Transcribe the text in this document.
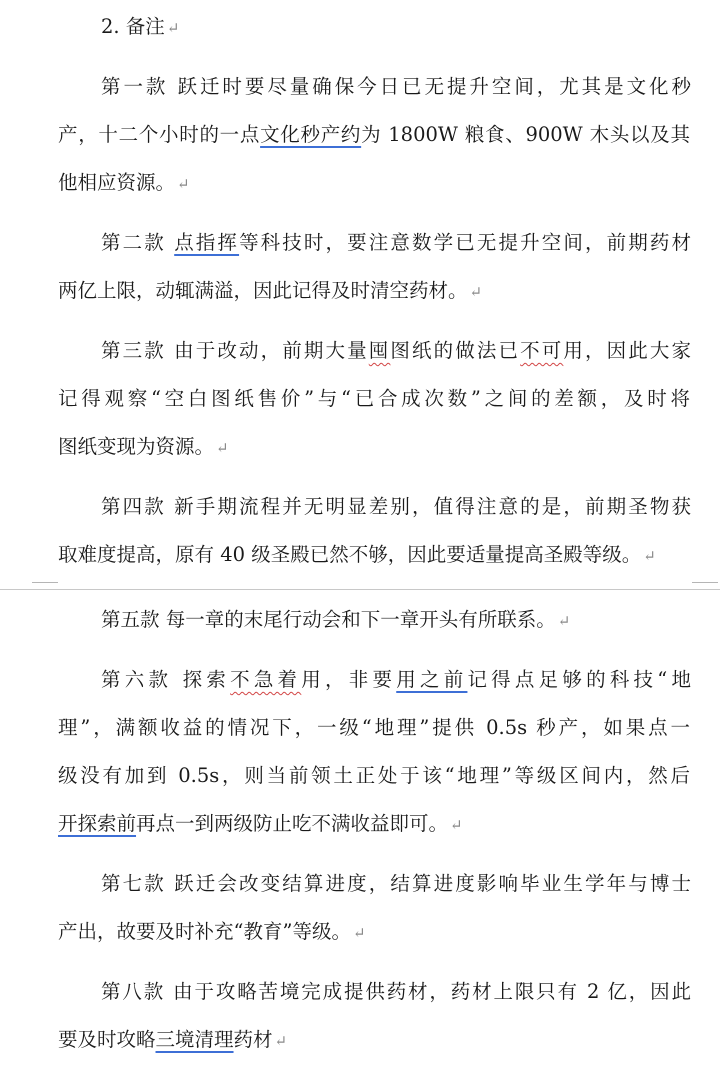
2. 备注 ↵
第一款 跃迁时要尽量确保今日已无提升空间，尤其是文化秒
产，十二个小时的一点文化秒产约为 1800W 粮食、900W 木头以及其
他相应资源。 ↵
第二款 点指挥等科技时，要注意数学已无提升空间，前期药材
两亿上限，动辄满溢，因此记得及时清空药材。 ↵
第三款 由于改动，前期大量囤图纸的做法已不可用，因此大家
记得观察“空白图纸售价”与“已合成次数”之间的差额，及时将
图纸变现为资源。 ↵
第四款 新手期流程并无明显差别，值得注意的是，前期圣物获
取难度提高，原有 40 级圣殿已然不够，因此要适量提高圣殿等级。 ↵
第五款 每一章的末尾行动会和下一章开头有所联系。 ↵
第六款 探索不急着用，非要用之前记得点足够的科技“地
理”，满额收益的情况下，一级“地理”提供 0.5s 秒产，如果点一
级没有加到 0.5s，则当前领土正处于该“地理”等级区间内，然后
开探索前再点一到两级防止吃不满收益即可。 ↵
第七款 跃迁会改变结算进度，结算进度影响毕业生学年与博士
产出，故要及时补充“教育”等级。 ↵
第八款 由于攻略苦境完成提供药材，药材上限只有 2 亿，因此
要及时攻略三境清理药材 ↵
